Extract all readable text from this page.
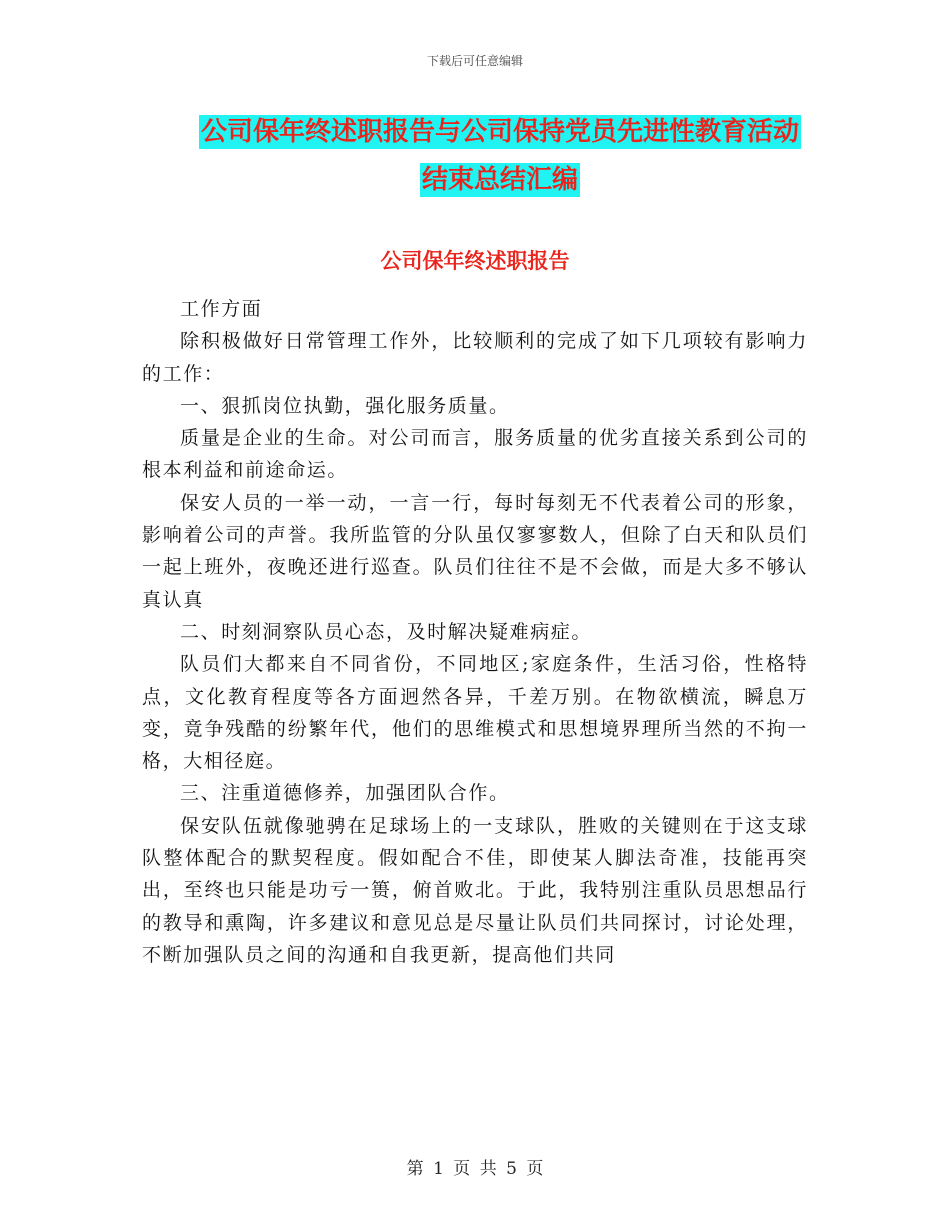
下载后可任意编辑
公司保年终述职报告与公司保持党员先进性教育活动
结束总结汇编
公司保年终述职报告

工作方面

除积极做好日常管理工作外，比较顺利的完成了如下几项较有影响力的工作：

一、狠抓岗位执勤，强化服务质量。

质量是企业的生命。对公司而言，服务质量的优劣直接关系到公司的根本利益和前途命运。

保安人员的一举一动，一言一行，每时每刻无不代表着公司的形象，影响着公司的声誉。我所监管的分队虽仅寥寥数人，但除了白天和队员们一起上班外，夜晚还进行巡查。队员们往往不是不会做，而是大多不够认真认真

二、时刻洞察队员心态，及时解决疑难病症。

队员们大都来自不同省份，不同地区;家庭条件，生活习俗，性格特点，文化教育程度等各方面迥然各异，千差万别。在物欲横流，瞬息万变，竟争残酷的纷繁年代，他们的思维模式和思想境界理所当然的不拘一格，大相径庭。

三、注重道德修养，加强团队合作。

保安队伍就像驰骋在足球场上的一支球队，胜败的关键则在于这支球队整体配合的默契程度。假如配合不佳，即使某人脚法奇准，技能再突出，至终也只能是功亏一篑，俯首败北。于此，我特别注重队员思想品行的教导和熏陶，许多建议和意见总是尽量让队员们共同探讨，讨论处理，不断加强队员之间的沟通和自我更新，提高他们共同

第 1 页 共 5 页
